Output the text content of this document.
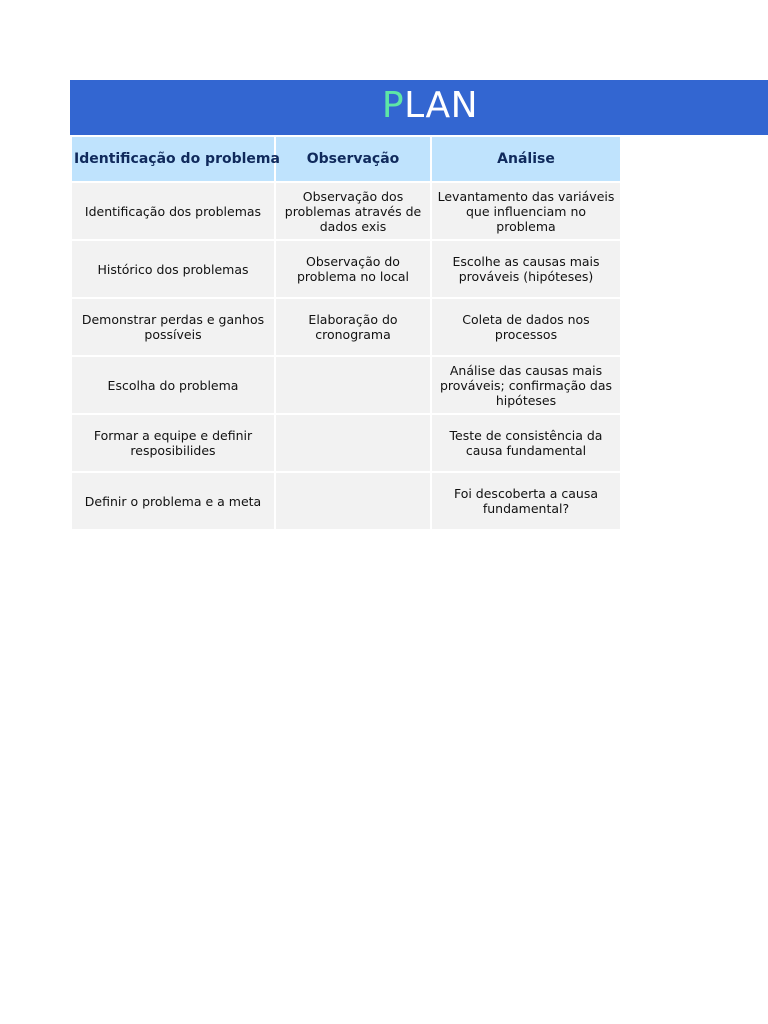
PLAN
Identificação do problema	Observação	Análise
Identificação dos problemas	Observação dos problemas através de dados exis	Levantamento das variáveis que influenciam no problema
Histórico dos problemas	Observação do problema no local	Escolhe as causas mais prováveis (hipóteses)
Demonstrar perdas e ganhos possíveis	Elaboração do cronograma	Coleta de dados nos processos
Escolha do problema		Análise das causas mais prováveis; confirmação das hipóteses
Formar a equipe e definir resposibilides		Teste de consistência da causa fundamental
Definir o problema e a meta		Foi descoberta a causa fundamental?
